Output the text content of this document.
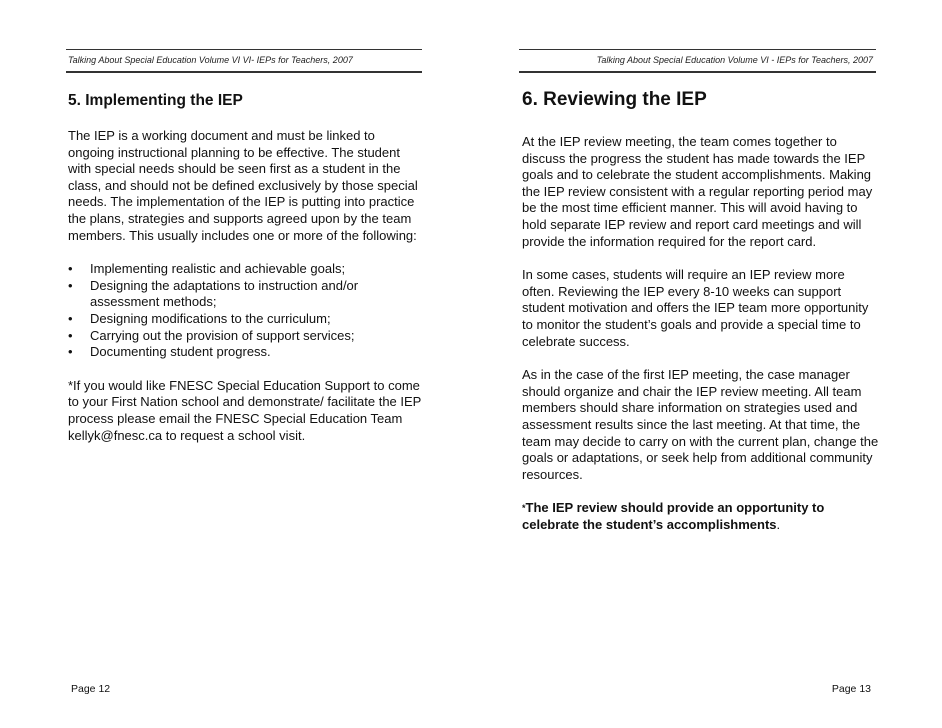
Talking About Special Education Volume VI VI- IEPs for Teachers, 2007
5. Implementing the IEP

The IEP is a working document and must be linked to ongoing instructional planning to be effective. The student with special needs should be seen first as a student in the class, and should not be defined exclusively by those special needs. The implementation of the IEP is putting into practice the plans, strategies and supports agreed upon by the team members. This usually includes one or more of the following:

• Implementing realistic and achievable goals;
• Designing the adaptations to instruction and/or assessment methods;
• Designing modifications to the curriculum;
• Carrying out the provision of support services;
• Documenting student progress.

*If you would like FNESC Special Education Support to come to your First Nation school and demonstrate/ facilitate the IEP process please email the FNESC Special Education Team kellyk@fnesc.ca to request a school visit.

Page 12
Talking About Special Education Volume VI - IEPs for Teachers, 2007
6. Reviewing the IEP

At the IEP review meeting, the team comes together to discuss the progress the student has made towards the IEP goals and to celebrate the student accomplishments. Making the IEP review consistent with a regular reporting period may be the most time efficient manner. This will avoid having to hold separate IEP review and report card meetings and will provide the information required for the report card.

In some cases, students will require an IEP review more often. Reviewing the IEP every 8-10 weeks can support student motivation and offers the IEP team more opportunity to monitor the student’s goals and provide a special time to celebrate success.

As in the case of the first IEP meeting, the case manager should organize and chair the IEP review meeting. All team members should share information on strategies used and assessment results since the last meeting. At that time, the team may decide to carry on with the current plan, change the goals or adaptations, or seek help from additional community resources.

*The IEP review should provide an opportunity to celebrate the student’s accomplishments.

Page 13
